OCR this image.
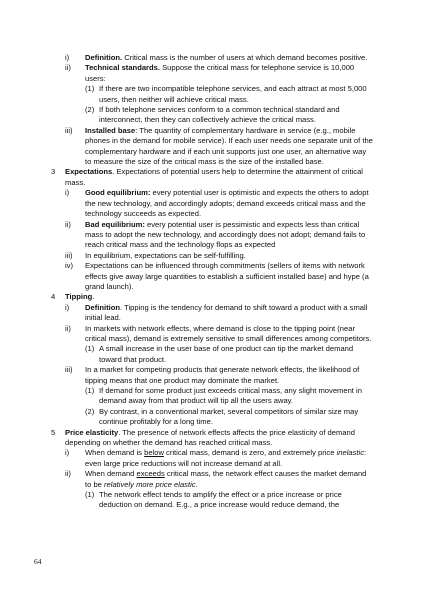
i) Definition. Critical mass is the number of users at which demand becomes positive.
ii) Technical standards. Suppose the critical mass for telephone service is 10,000 users:
(1) If there are two incompatible telephone services, and each attract at most 5,000 users, then neither will achieve critical mass.
(2) If both telephone services conform to a common technical standard and interconnect, then they can collectively achieve the critical mass.
iii) Installed base: The quantity of complementary hardware in service (e.g., mobile phones in the demand for mobile service). If each user needs one separate unit of the complementary hardware and if each unit supports just one user, an alternative way to measure the size of the critical mass is the size of the installed base.
3 Expectations. Expectations of potential users help to determine the attainment of critical mass.
i) Good equilibrium: every potential user is optimistic and expects the others to adopt the new technology, and accordingly adopts; demand exceeds critical mass and the technology succeeds as expected.
ii) Bad equilibrium: every potential user is pessimistic and expects less than critical mass to adopt the new technology, and accordingly does not adopt; demand fails to reach critical mass and the technology flops as expected
iii) In equilibrium, expectations can be self-fulfilling.
iv) Expectations can be influenced through commitments (sellers of items with network effects give away large quantities to establish a sufficient installed base) and hype (a grand launch).
4 Tipping.
i) Definition. Tipping is the tendency for demand to shift toward a product with a small initial lead.
ii) In markets with network effects, where demand is close to the tipping point (near critical mass), demand is extremely sensitive to small differences among competitors.
(1) A small increase in the user base of one product can tip the market demand toward that product.
iii) In a market for competing products that generate network effects, the likelihood of tipping means that one product may dominate the market.
(1) If demand for some product just exceeds critical mass, any slight movement in demand away from that product will tip all the users away.
(2) By contrast, in a conventional market, several competitors of similar size may continue profitably for a long time.
5 Price elasticity. The presence of network effects affects the price elasticity of demand depending on whether the demand has reached critical mass.
i) When demand is below critical mass, demand is zero, and extremely price inelastic: even large price reductions will not increase demand at all.
ii) When demand exceeds critical mass, the network effect causes the market demand to be relatively more price elastic.
(1) The network effect tends to amplify the effect or a price increase or price deduction on demand. E.g., a price increase would reduce demand, the
64
